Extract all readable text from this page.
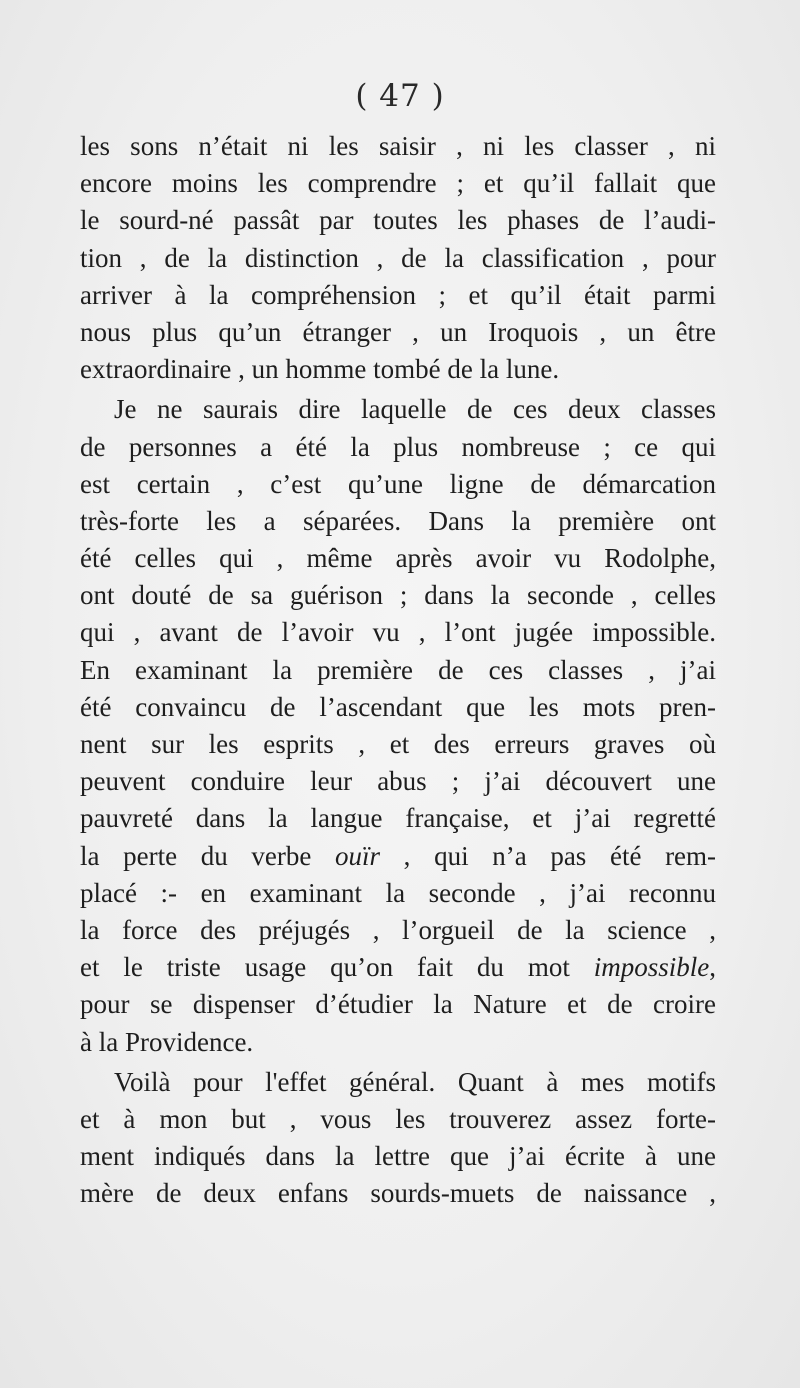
( 47 )
les sons n’était ni les saisir , ni les classer , ni
encore moins les comprendre ; et qu’il fallait que
le sourd-né passât par toutes les phases de l’audi-
tion , de la distinction , de la classification , pour
arriver à la compréhension ; et qu’il était parmi
nous plus qu’un étranger , un Iroquois , un être
extraordinaire , un homme tombé de la lune.
Je ne saurais dire laquelle de ces deux classes
de personnes a été la plus nombreuse ; ce qui
est certain , c’est qu’une ligne de démarcation
très-forte les a séparées. Dans la première ont
été celles qui , même après avoir vu Rodolphe,
ont douté de sa guérison ; dans la seconde , celles
qui , avant de l’avoir vu , l’ont jugée impossible.
En examinant la première de ces classes , j’ai
été convaincu de l’ascendant que les mots pren-
nent sur les esprits , et des erreurs graves où
peuvent conduire leur abus ; j’ai découvert une
pauvreté dans la langue française, et j’ai regretté
la perte du verbe ouïr , qui n’a pas été rem-
placé :- en examinant la seconde , j’ai reconnu
la force des préjugés , l’orgueil de la science ,
et le triste usage qu’on fait du mot impossible,
pour se dispenser d’étudier la Nature et de croire
à la Providence.
Voilà pour l'effet général. Quant à mes motifs
et à mon but , vous les trouverez assez forte-
ment indiqués dans la lettre que j’ai écrite à une
mère de deux enfans sourds-muets de naissance ,
